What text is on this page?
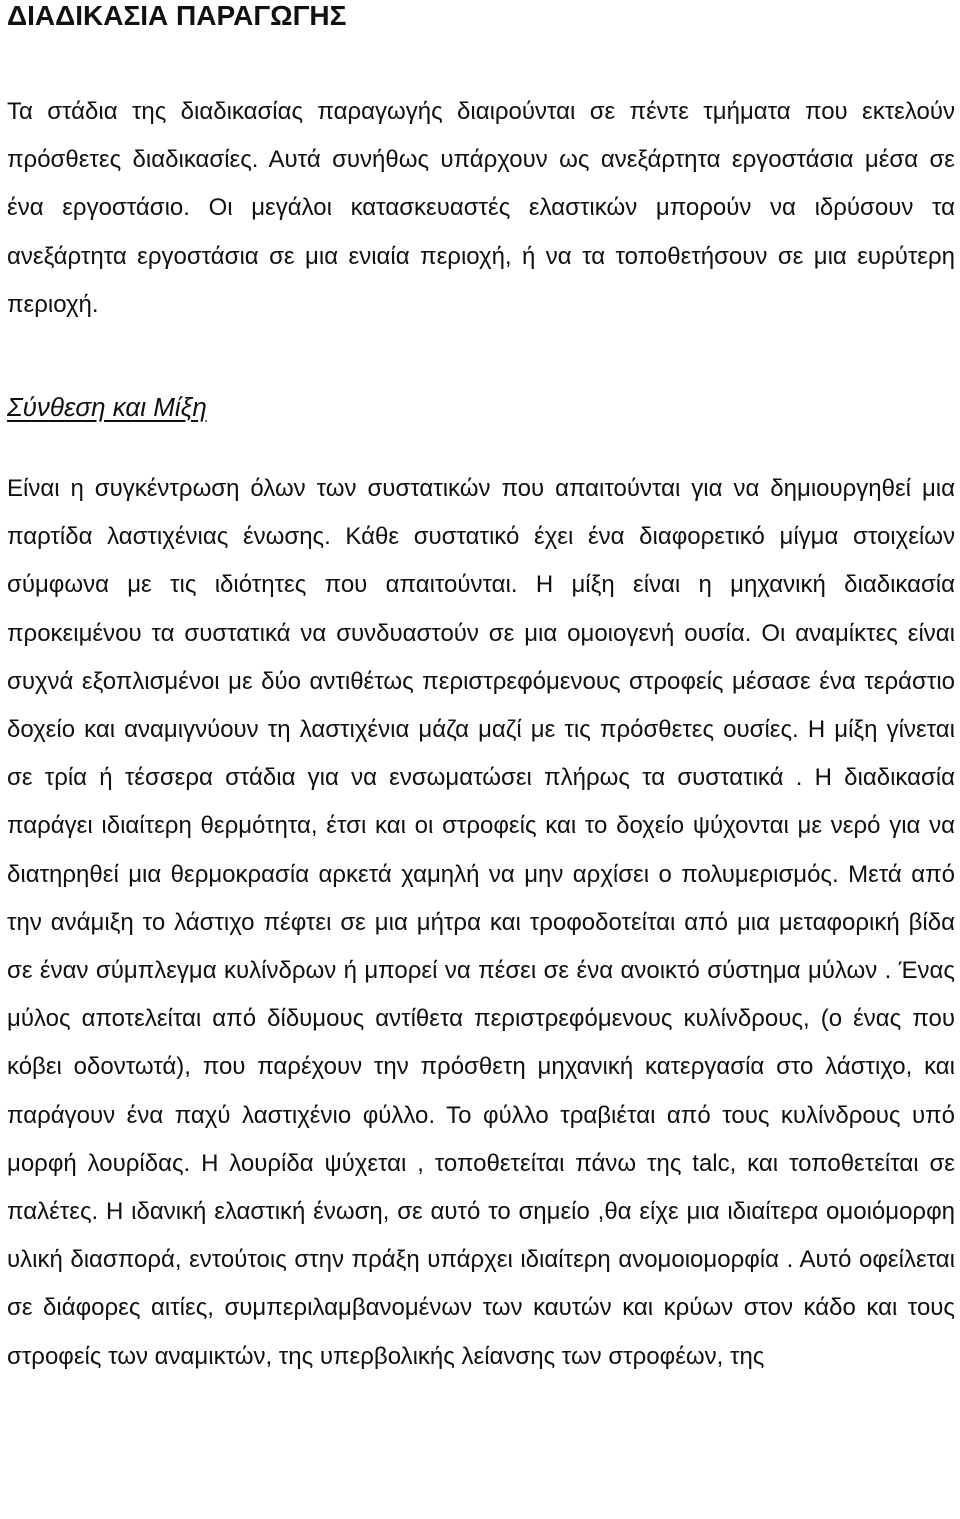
ΔΙΑΔΙΚΑΣΙΑ ΠΑΡΑΓΩΓΗΣ

Τα στάδια της διαδικασίας παραγωγής διαιρούνται σε πέντε τμήματα που εκτελούν πρόσθετες διαδικασίες. Αυτά συνήθως υπάρχουν ως ανεξάρτητα εργοστάσια μέσα σε ένα εργοστάσιο. Οι μεγάλοι κατασκευαστές ελαστικών μπορούν να ιδρύσουν τα ανεξάρτητα εργοστάσια σε μια ενιαία περιοχή, ή να τα τοποθετήσουν σε μια ευρύτερη περιοχή.

Σύνθεση και Μίξη

Είναι η συγκέντρωση όλων των συστατικών που απαιτούνται για να δημιουργηθεί μια παρτίδα λαστιχένιας ένωσης. Κάθε συστατικό έχει ένα διαφορετικό μίγμα στοιχείων σύμφωνα με τις ιδιότητες που απαιτούνται. Η μίξη είναι η μηχανική διαδικασία προκειμένου τα συστατικά να συνδυαστούν σε μια ομοιογενή ουσία. Οι αναμίκτες είναι συχνά εξοπλισμένοι με δύο αντιθέτως περιστρεφόμενους στροφείς μέσασε ένα τεράστιο δοχείο και αναμιγνύουν τη λαστιχένια μάζα μαζί με τις πρόσθετες ουσίες. Η μίξη γίνεται σε τρία ή τέσσερα στάδια για να ενσωματώσει πλήρως τα συστατικά . Η διαδικασία παράγει ιδιαίτερη θερμότητα, έτσι και οι στροφείς και το δοχείο ψύχονται με νερό για να διατηρηθεί μια θερμοκρασία αρκετά χαμηλή να μην αρχίσει ο πολυμερισμός. Μετά από την ανάμιξη το λάστιχο πέφτει σε μια μήτρα και τροφοδοτείται από μια μεταφορική βίδα σε έναν σύμπλεγμα κυλίνδρων ή μπορεί να πέσει σε ένα ανοικτό σύστημα μύλων . Ένας μύλος αποτελείται από δίδυμους αντίθετα περιστρεφόμενους κυλίνδρους, (ο ένας που κόβει οδοντωτά), που παρέχουν την πρόσθετη μηχανική κατεργασία στο λάστιχο, και παράγουν ένα παχύ λαστιχένιο φύλλο. Το φύλλο τραβιέται από τους κυλίνδρους υπό μορφή λουρίδας. Η λουρίδα ψύχεται , τοποθετείται πάνω της talc, και τοποθετείται σε παλέτες. Η ιδανική ελαστική ένωση, σε αυτό το σημείο ,θα είχε μια ιδιαίτερα ομοιόμορφη υλική διασπορά, εντούτοις στην πράξη υπάρχει ιδιαίτερη ανομοιομορφία . Αυτό οφείλεται σε διάφορες αιτίες, συμπεριλαμβανομένων των καυτών και κρύων στον κάδο και τους στροφείς των αναμικτών, της υπερβολικής λείανσης των στροφέων, της
